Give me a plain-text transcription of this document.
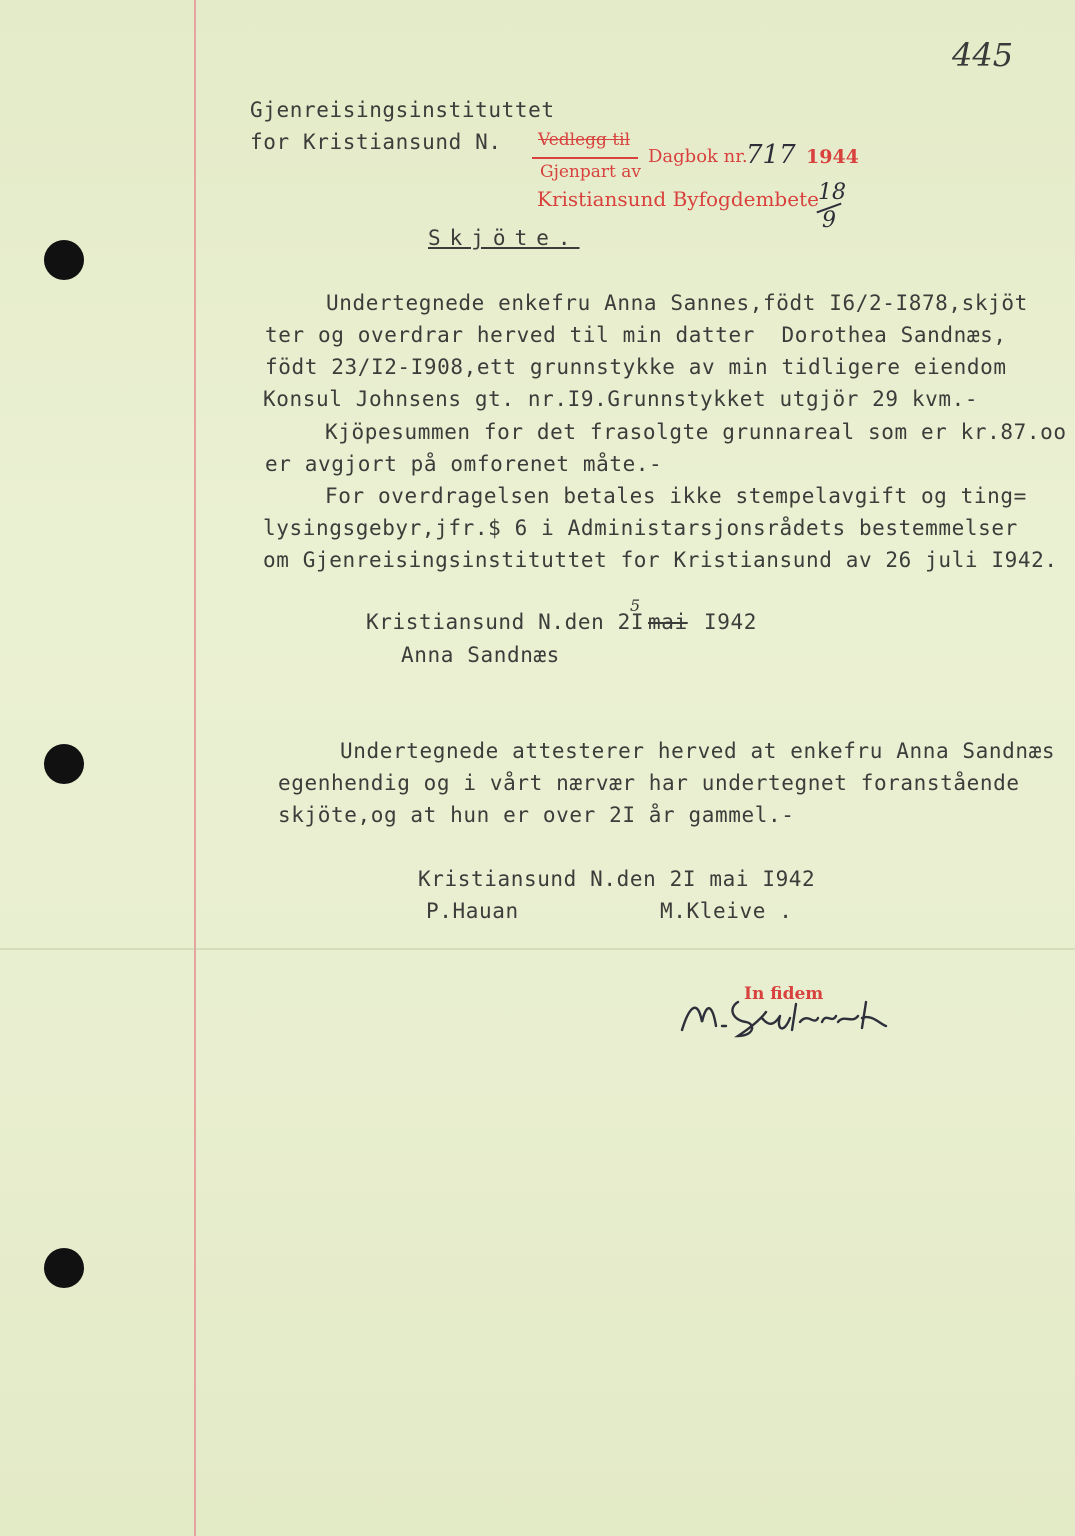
445
Gjenreisingsinstituttet
for Kristiansund N. Vedlegg til
Gjenpart av
Dagbok nr.
717 1944
Kristiansund Byfogdembete 18
9
Skjöte.
Undertegnede enkefru Anna Sannes,födt I6/2-I878,skjöt
ter og overdrar herved til min datter  Dorothea Sandnæs,
födt 23/I2-I908,ett grunnstykke av min tidligere eiendom
Konsul Johnsens gt. nr.I9.Grunnstykket utgjör 29 kvm.-
Kjöpesummen for det frasolgte grunnareal som er kr.87.oo
er avgjort på omforenet måte.-
For overdragelsen betales ikke stempelavgift og ting=
lysingsgebyr,jfr.$ 6 i Administarsjonsrådets bestemmelser
om Gjenreisingsinstituttet for Kristiansund av 26 juli I942.
Kristiansund N.den 2I mai
5
I942
Anna Sandnæs
Undertegnede attesterer herved at enkefru Anna Sandnæs
egenhendig og i vårt nærvær har undertegnet foranstående
skjöte,og at hun er over 2I år gammel.-
Kristiansund N.den 2I mai I942
P.Hauan	M.Kleive .
In fidem
